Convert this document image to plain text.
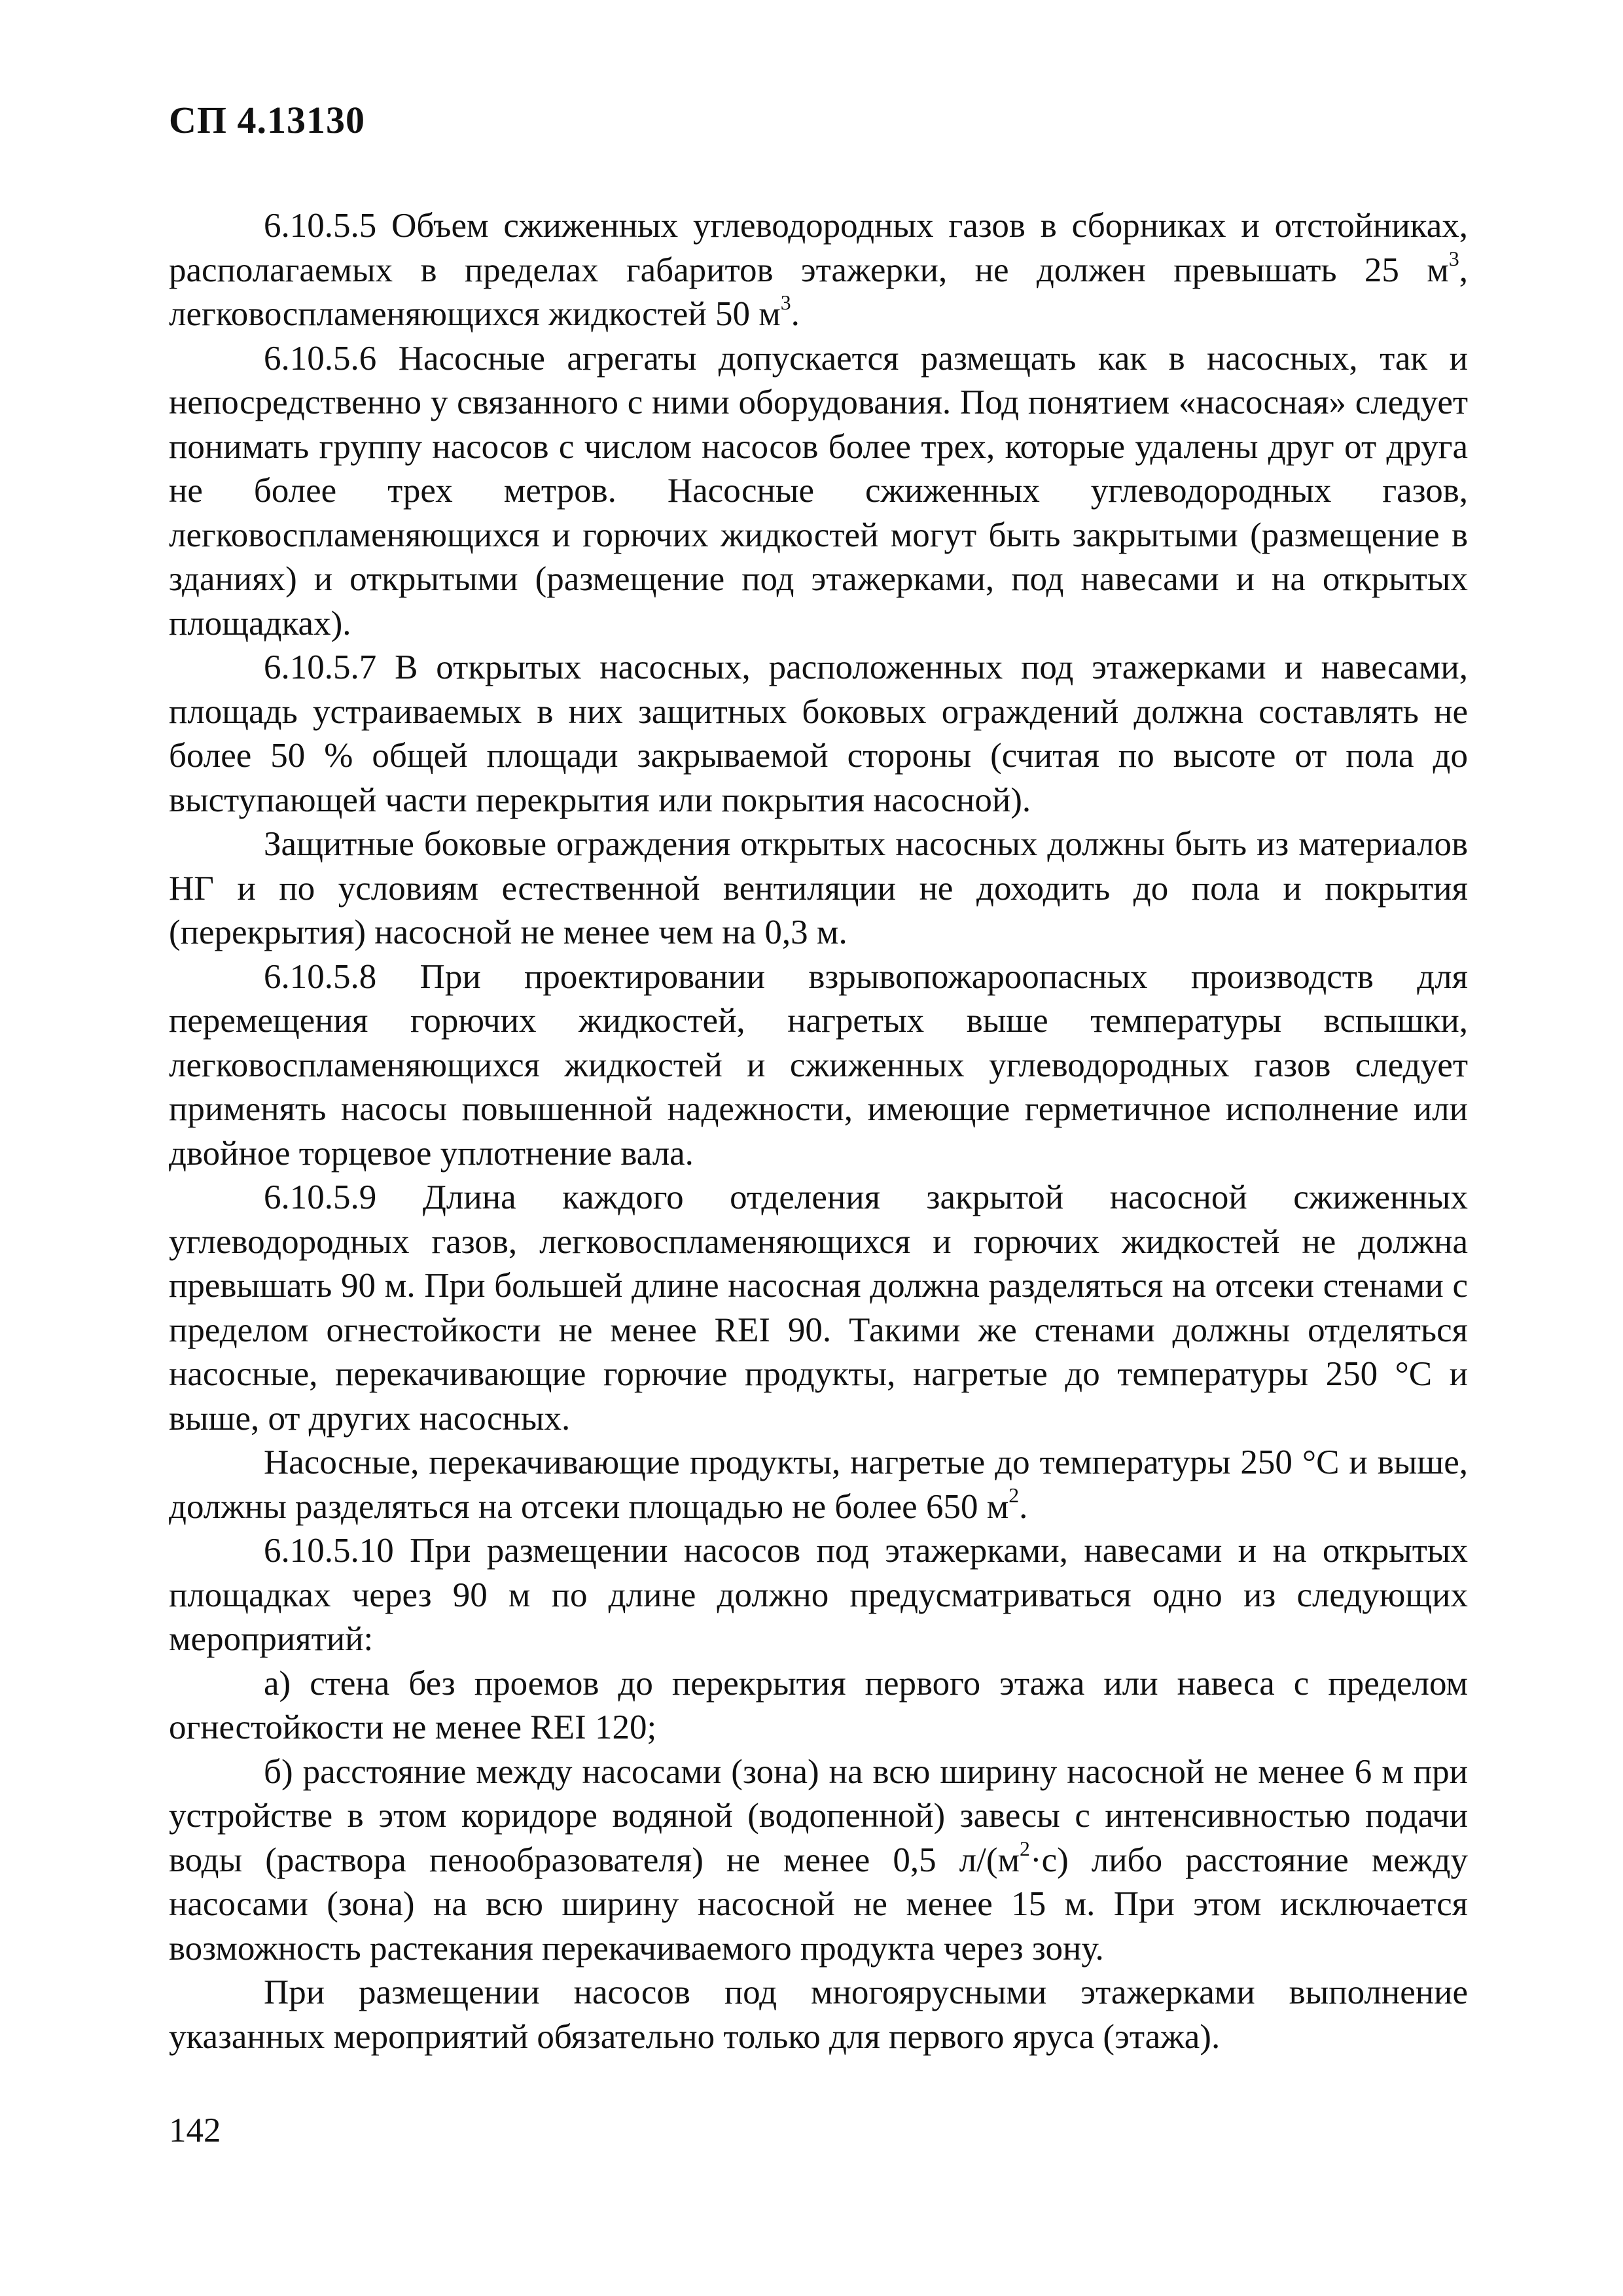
СП 4.13130

6.10.5.5 Объем сжиженных углеводородных газов в сборниках и отстойниках, располагаемых в пределах габаритов этажерки, не должен превышать 25 $м^3$, легковоспламеняющихся жидкостей 50 $м^3$.

6.10.5.6 Насосные агрегаты допускается размещать как в насосных, так и непосредственно у связанного с ними оборудования. Под понятием «насосная» следует понимать группу насосов с числом насосов более трех, которые удалены друг от друга не более трех метров. Насосные сжиженных углеводородных газов, легковоспламеняющихся и горючих жидкостей могут быть закрытыми (размещение в зданиях) и открытыми (размещение под этажерками, под навесами и на открытых площадках).

6.10.5.7 В открытых насосных, расположенных под этажерками и навесами, площадь устраиваемых в них защитных боковых ограждений должна составлять не более 50 % общей площади закрываемой стороны (считая по высоте от пола до выступающей части перекрытия или покрытия насосной).

Защитные боковые ограждения открытых насосных должны быть из материалов НГ и по условиям естественной вентиляции не доходить до пола и покрытия (перекрытия) насосной не менее чем на 0,3 м.

6.10.5.8 При проектировании взрывопожароопасных производств для перемещения горючих жидкостей, нагретых выше температуры вспышки, легковоспламеняющихся жидкостей и сжиженных углеводородных газов следует применять насосы повышенной надежности, имеющие герметичное исполнение или двойное торцевое уплотнение вала.

6.10.5.9 Длина каждого отделения закрытой насосной сжиженных углеводородных газов, легковоспламеняющихся и горючих жидкостей не должна превышать 90 м. При большей длине насосная должна разделяться на отсеки стенами с пределом огнестойкости не менее REI 90. Такими же стенами должны отделяться насосные, перекачивающие горючие продукты, нагретые до температуры 250 °С и выше, от других насосных.

Насосные, перекачивающие продукты, нагретые до температуры 250 °С и выше, должны разделяться на отсеки площадью не более 650 $м^2$.

6.10.5.10 При размещении насосов под этажерками, навесами и на открытых площадках через 90 м по длине должно предусматриваться одно из следующих мероприятий:

а) стена без проемов до перекрытия первого этажа или навеса с пределом огнестойкости не менее REI 120;

б) расстояние между насосами (зона) на всю ширину насосной не менее 6 м при устройстве в этом коридоре водяной (водопенной) завесы с интенсивностью подачи воды (раствора пенообразователя) не менее 0,5 $л/(м^2\cdot с)$ либо расстояние между насосами (зона) на всю ширину насосной не менее 15 м. При этом исключается возможность растекания перекачиваемого продукта через зону.

При размещении насосов под многоярусными этажерками выполнение указанных мероприятий обязательно только для первого яруса (этажа).

142
